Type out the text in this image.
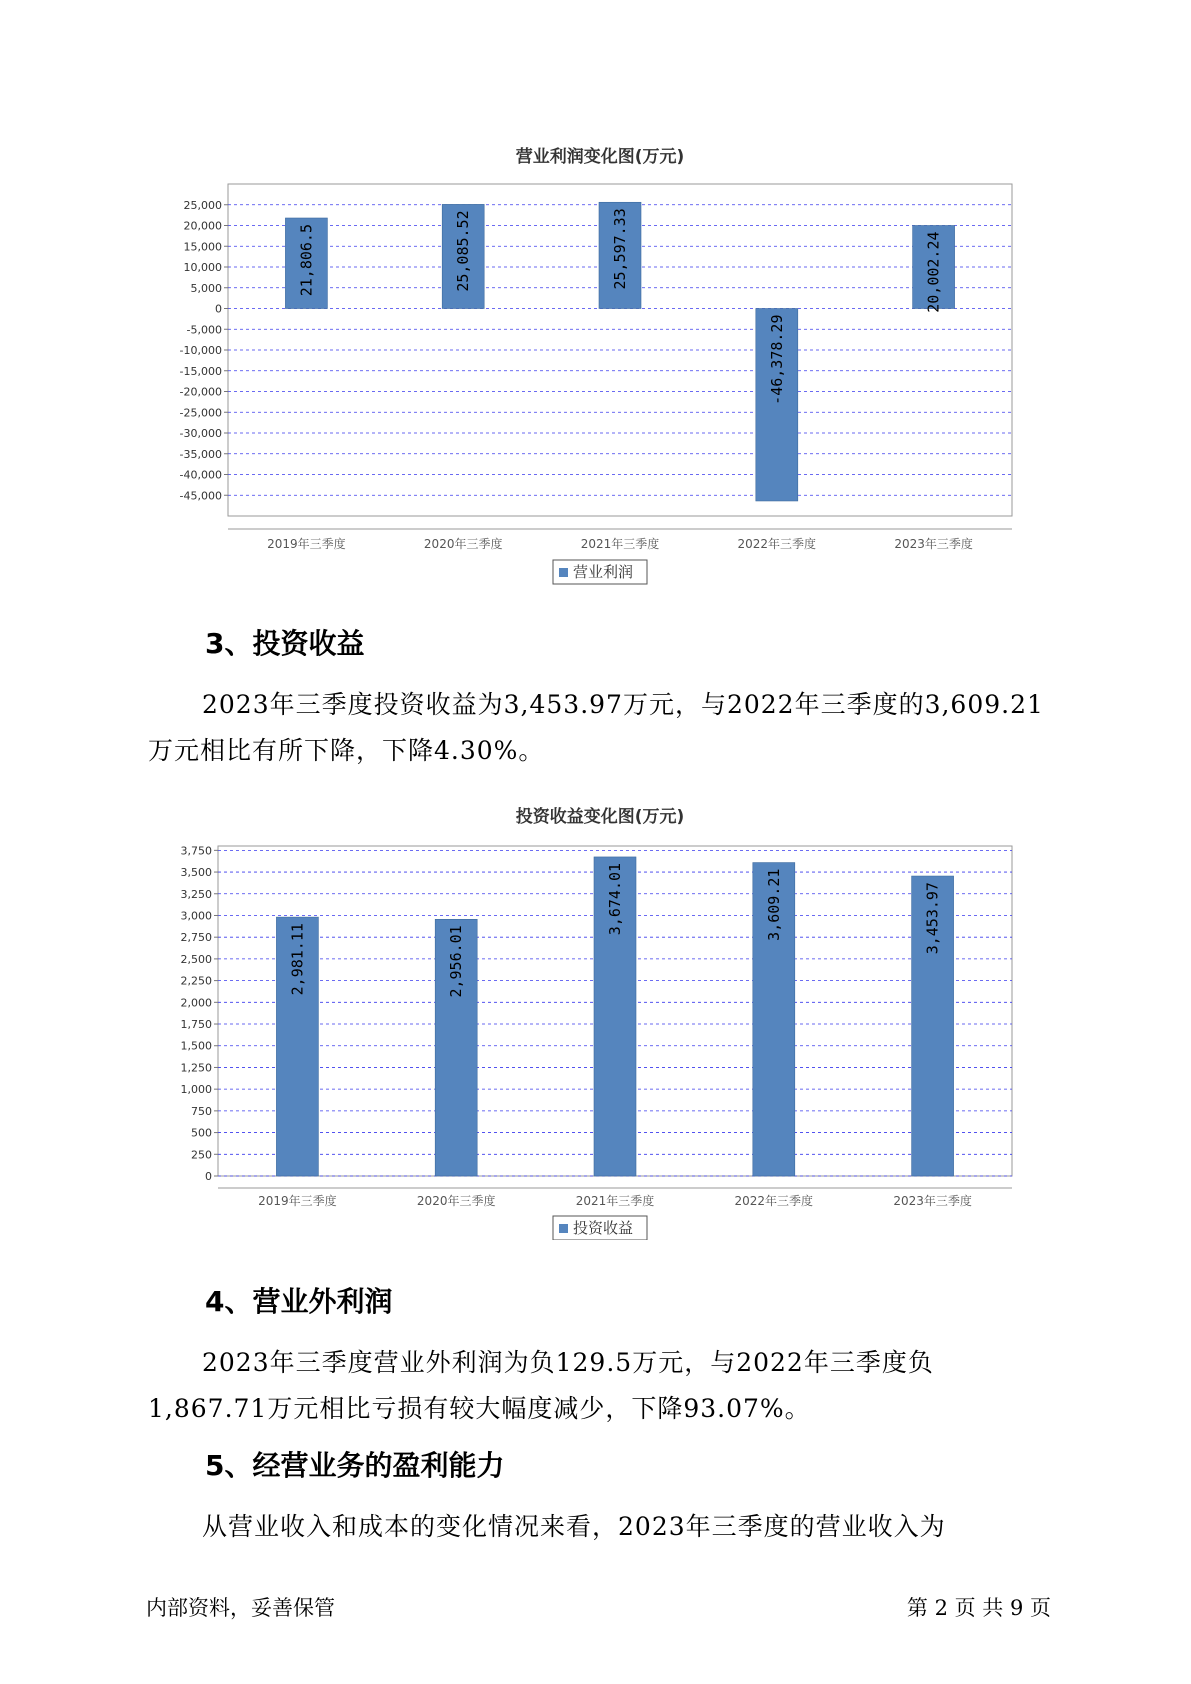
营业利润变化图(万元)
25,000
20,000
15,000
10,000
5,000
0
-5,000
-10,000
-15,000
-20,000
-25,000
-30,000
-35,000
-40,000
-45,000
21,806.5
2019年三季度
25,085.52
2020年三季度
25,597.33
2021年三季度
-46,378.29
2022年三季度
20,002.24
2023年三季度
营业利润
3、投资收益

2023年三季度投资收益为3,453.97万元，与2022年三季度的3,609.21万元相比有所下降，下降4.30%。

投资收益变化图(万元)
3,750
3,500
3,250
3,000
2,750
2,500
2,250
2,000
1,750
1,500
1,250
1,000
750
500
250
0
2,981.11
2019年三季度
2,956.01
2020年三季度
3,674.01
2021年三季度
3,609.21
2022年三季度
3,453.97
2023年三季度
投资收益
4、营业外利润

2023年三季度营业外利润为负129.5万元，与2022年三季度负1,867.71万元相比亏损有较大幅度减少，下降93.07%。

5、经营业务的盈利能力

从营业收入和成本的变化情况来看，2023年三季度的营业收入为

内部资料，妥善保管	第 2 页 共 9 页
